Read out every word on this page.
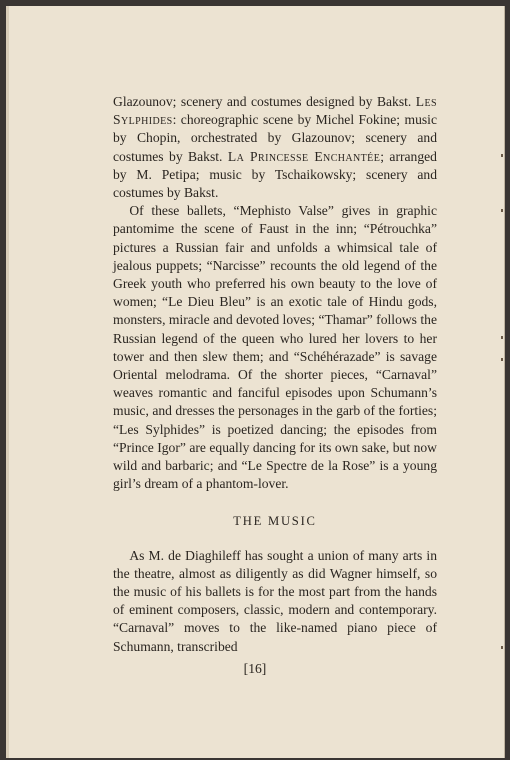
Glazounov; scenery and costumes designed by Bakst. Les Sylphides: choreographic scene by Michel Fokine; music by Chopin, orchestrated by Glazounov; scenery and costumes by Bakst. La Princesse Enchantée; arranged by M. Petipa; music by Tschaikowsky; scenery and costumes by Bakst.

Of these ballets, “Mephisto Valse” gives in graphic pantomime the scene of Faust in the inn; “Pétrouchka” pictures a Russian fair and unfolds a whimsical tale of jealous puppets; “Narcisse” recounts the old legend of the Greek youth who preferred his own beauty to the love of women; “Le Dieu Bleu” is an exotic tale of Hindu gods, monsters, miracle and devoted loves; “Thamar” follows the Russian legend of the queen who lured her lovers to her tower and then slew them; and “Schéhérazade” is savage Oriental melodrama. Of the shorter pieces, “Carnaval” weaves romantic and fanciful episodes upon Schumann’s music, and dresses the personages in the garb of the forties; “Les Sylphides” is poetized dancing; the episodes from “Prince Igor” are equally dancing for its own sake, but now wild and barbaric; and “Le Spectre de la Rose” is a young girl’s dream of a phantom-lover.

THE MUSIC

As M. de Diaghileff has sought a union of many arts in the theatre, almost as diligently as did Wagner himself, so the music of his ballets is for the most part from the hands of eminent composers, classic, modern and contemporary. “Carnaval” moves to the like-named piano piece of Schumann, transcribed

[16]
